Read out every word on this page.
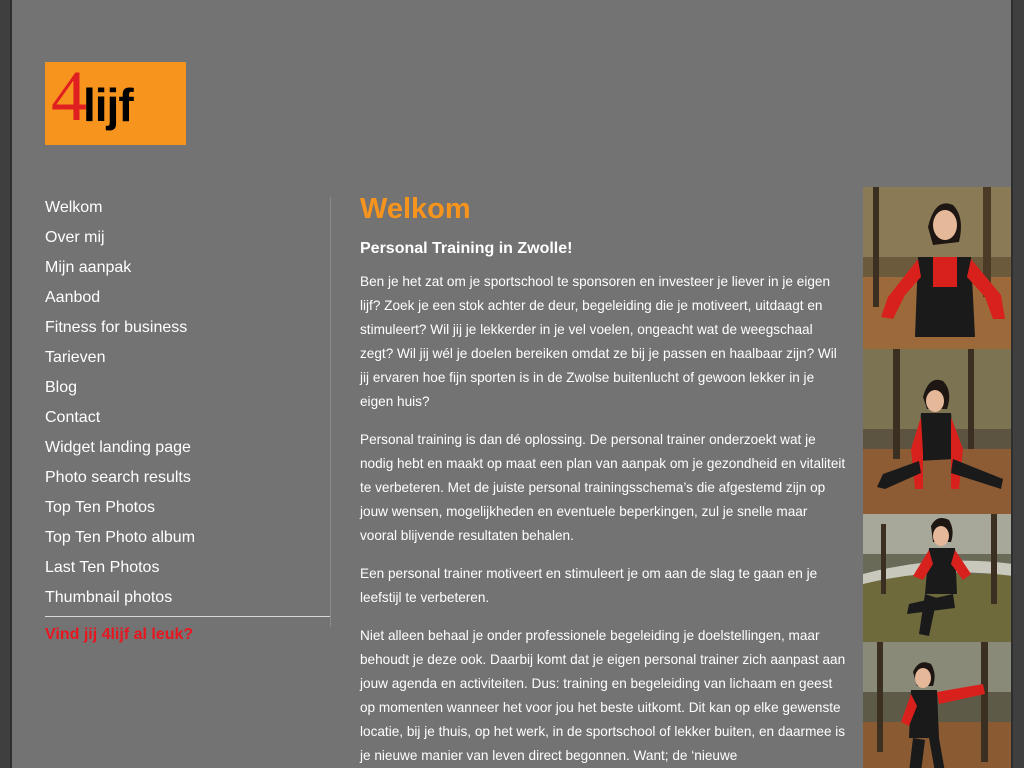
4
lijf
Welkom
Over mij
Mijn aanpak
Aanbod
Fitness for business
Tarieven
Blog
Contact
Widget landing page
Photo search results
Top Ten Photos
Top Ten Photo album
Last Ten Photos
Thumbnail photos
Vind jij 4lijf al leuk?
Welkom
Personal Training in Zwolle!

Ben je het zat om je sportschool te sponsoren en investeer je liever in je eigen lijf? Zoek je een stok achter de deur, begeleiding die je motiveert, uitdaagt en stimuleert? Wil jij je lekkerder in je vel voelen, ongeacht wat de weegschaal zegt? Wil jij wél je doelen bereiken omdat ze bij je passen en haalbaar zijn? Wil jij ervaren hoe fijn sporten is in de Zwolse buitenlucht of gewoon lekker in je eigen huis?

Personal training is dan dé oplossing. De personal trainer onderzoekt wat je nodig hebt en maakt op maat een plan van aanpak om je gezondheid en vitaliteit te verbeteren. Met de juiste personal trainingsschema’s die afgestemd zijn op jouw wensen, mogelijkheden en eventuele beperkingen, zul je snelle maar vooral blijvende resultaten behalen.

Een personal trainer motiveert en stimuleert je om aan de slag te gaan en je leefstijl te verbeteren.

Niet alleen behaal je onder professionele begeleiding je doelstellingen, maar behoudt je deze ook. Daarbij komt dat je eigen personal trainer zich aanpast aan jouw agenda en activiteiten. Dus: training en begeleiding van lichaam en geest op momenten wanneer het voor jou het beste uitkomt. Dit kan op elke gewenste locatie, bij je thuis, op het werk, in de sportschool of lekker buiten, en daarmee is je nieuwe manier van leven direct begonnen. Want; de ‘nieuwe
